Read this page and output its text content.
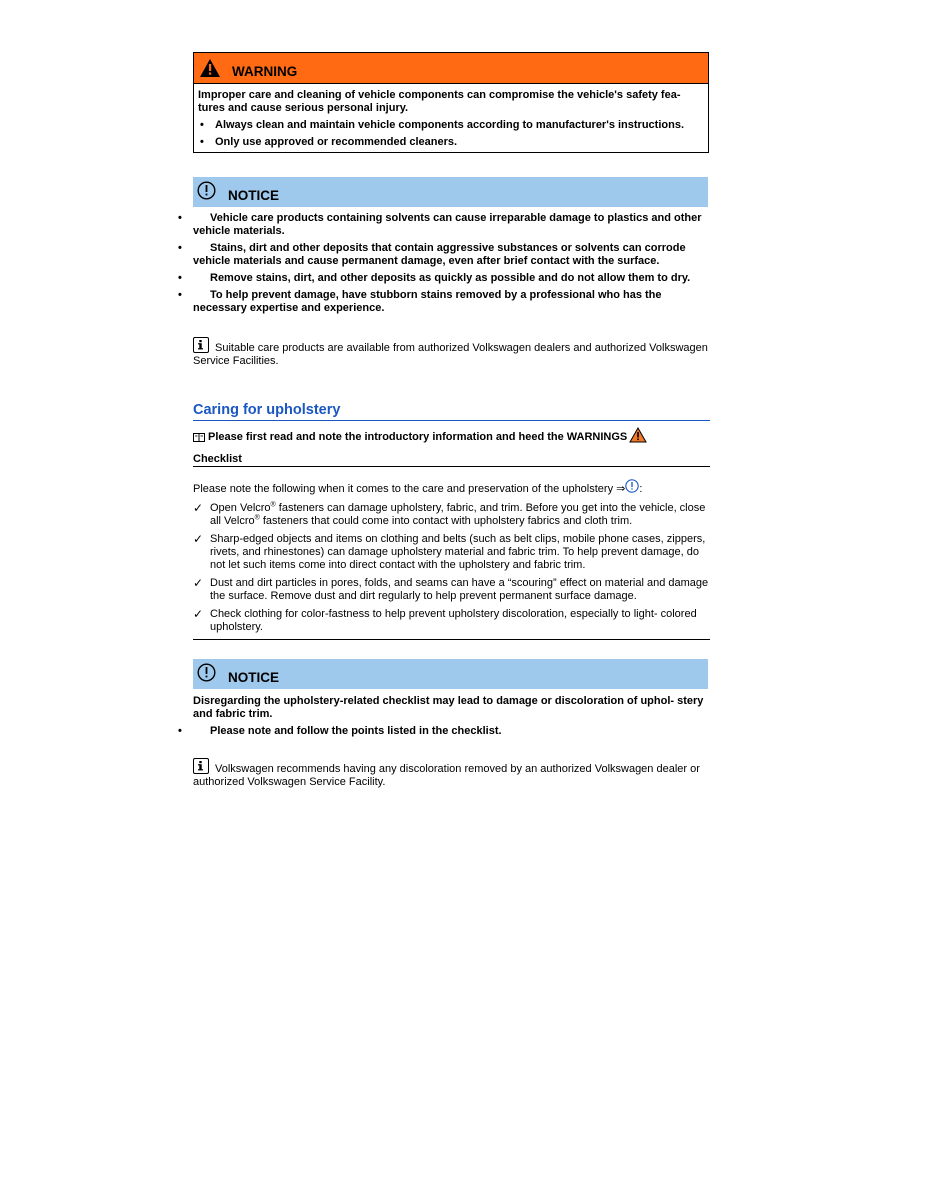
WARNING

Improper care and cleaning of vehicle components can compromise the vehicle's safety fea- tures and cause serious personal injury.

• Always clean and maintain vehicle components according to manufacturer's instructions.
• Only use approved or recommended cleaners.
NOTICE
•	Vehicle care products containing solvents can cause irreparable damage to plastics and other vehicle materials.
•	Stains, dirt and other deposits that contain aggressive substances or solvents can corrode vehicle materials and cause permanent damage, even after brief contact with the surface.
•	Remove stains, dirt, and other deposits as quickly as possible and do not allow them to dry.
•	To help prevent damage, have stubborn stains removed by a professional who has the necessary expertise and experience.
Suitable care products are available from authorized Volkswagen dealers and authorized Volkswagen Service Facilities.
Caring for upholstery
Please first read and note the introductory information and heed the WARNINGS
Checklist
Please note the following when it comes to the care and preservation of the upholstery ⇒ :
✓ Open Velcro® fasteners can damage upholstery, fabric, and trim. Before you get into the vehicle, close all Velcro® fasteners that could come into contact with upholstery fabrics and cloth trim.
✓ Sharp-edged objects and items on clothing and belts (such as belt clips, mobile phone cases, zippers, rivets, and rhinestones) can damage upholstery material and fabric trim. To help prevent damage, do not let such items come into direct contact with the upholstery and fabric trim.
✓ Dust and dirt particles in pores, folds, and seams can have a “scouring” effect on material and damage the surface. Remove dust and dirt regularly to help prevent permanent surface damage.
✓ Check clothing for color-fastness to help prevent upholstery discoloration, especially to light- colored upholstery.
NOTICE

Disregarding the upholstery-related checklist may lead to damage or discoloration of uphol- stery and fabric trim.

•	Please note and follow the points listed in the checklist.
Volkswagen recommends having any discoloration removed by an authorized Volkswagen dealer or authorized Volkswagen Service Facility.
